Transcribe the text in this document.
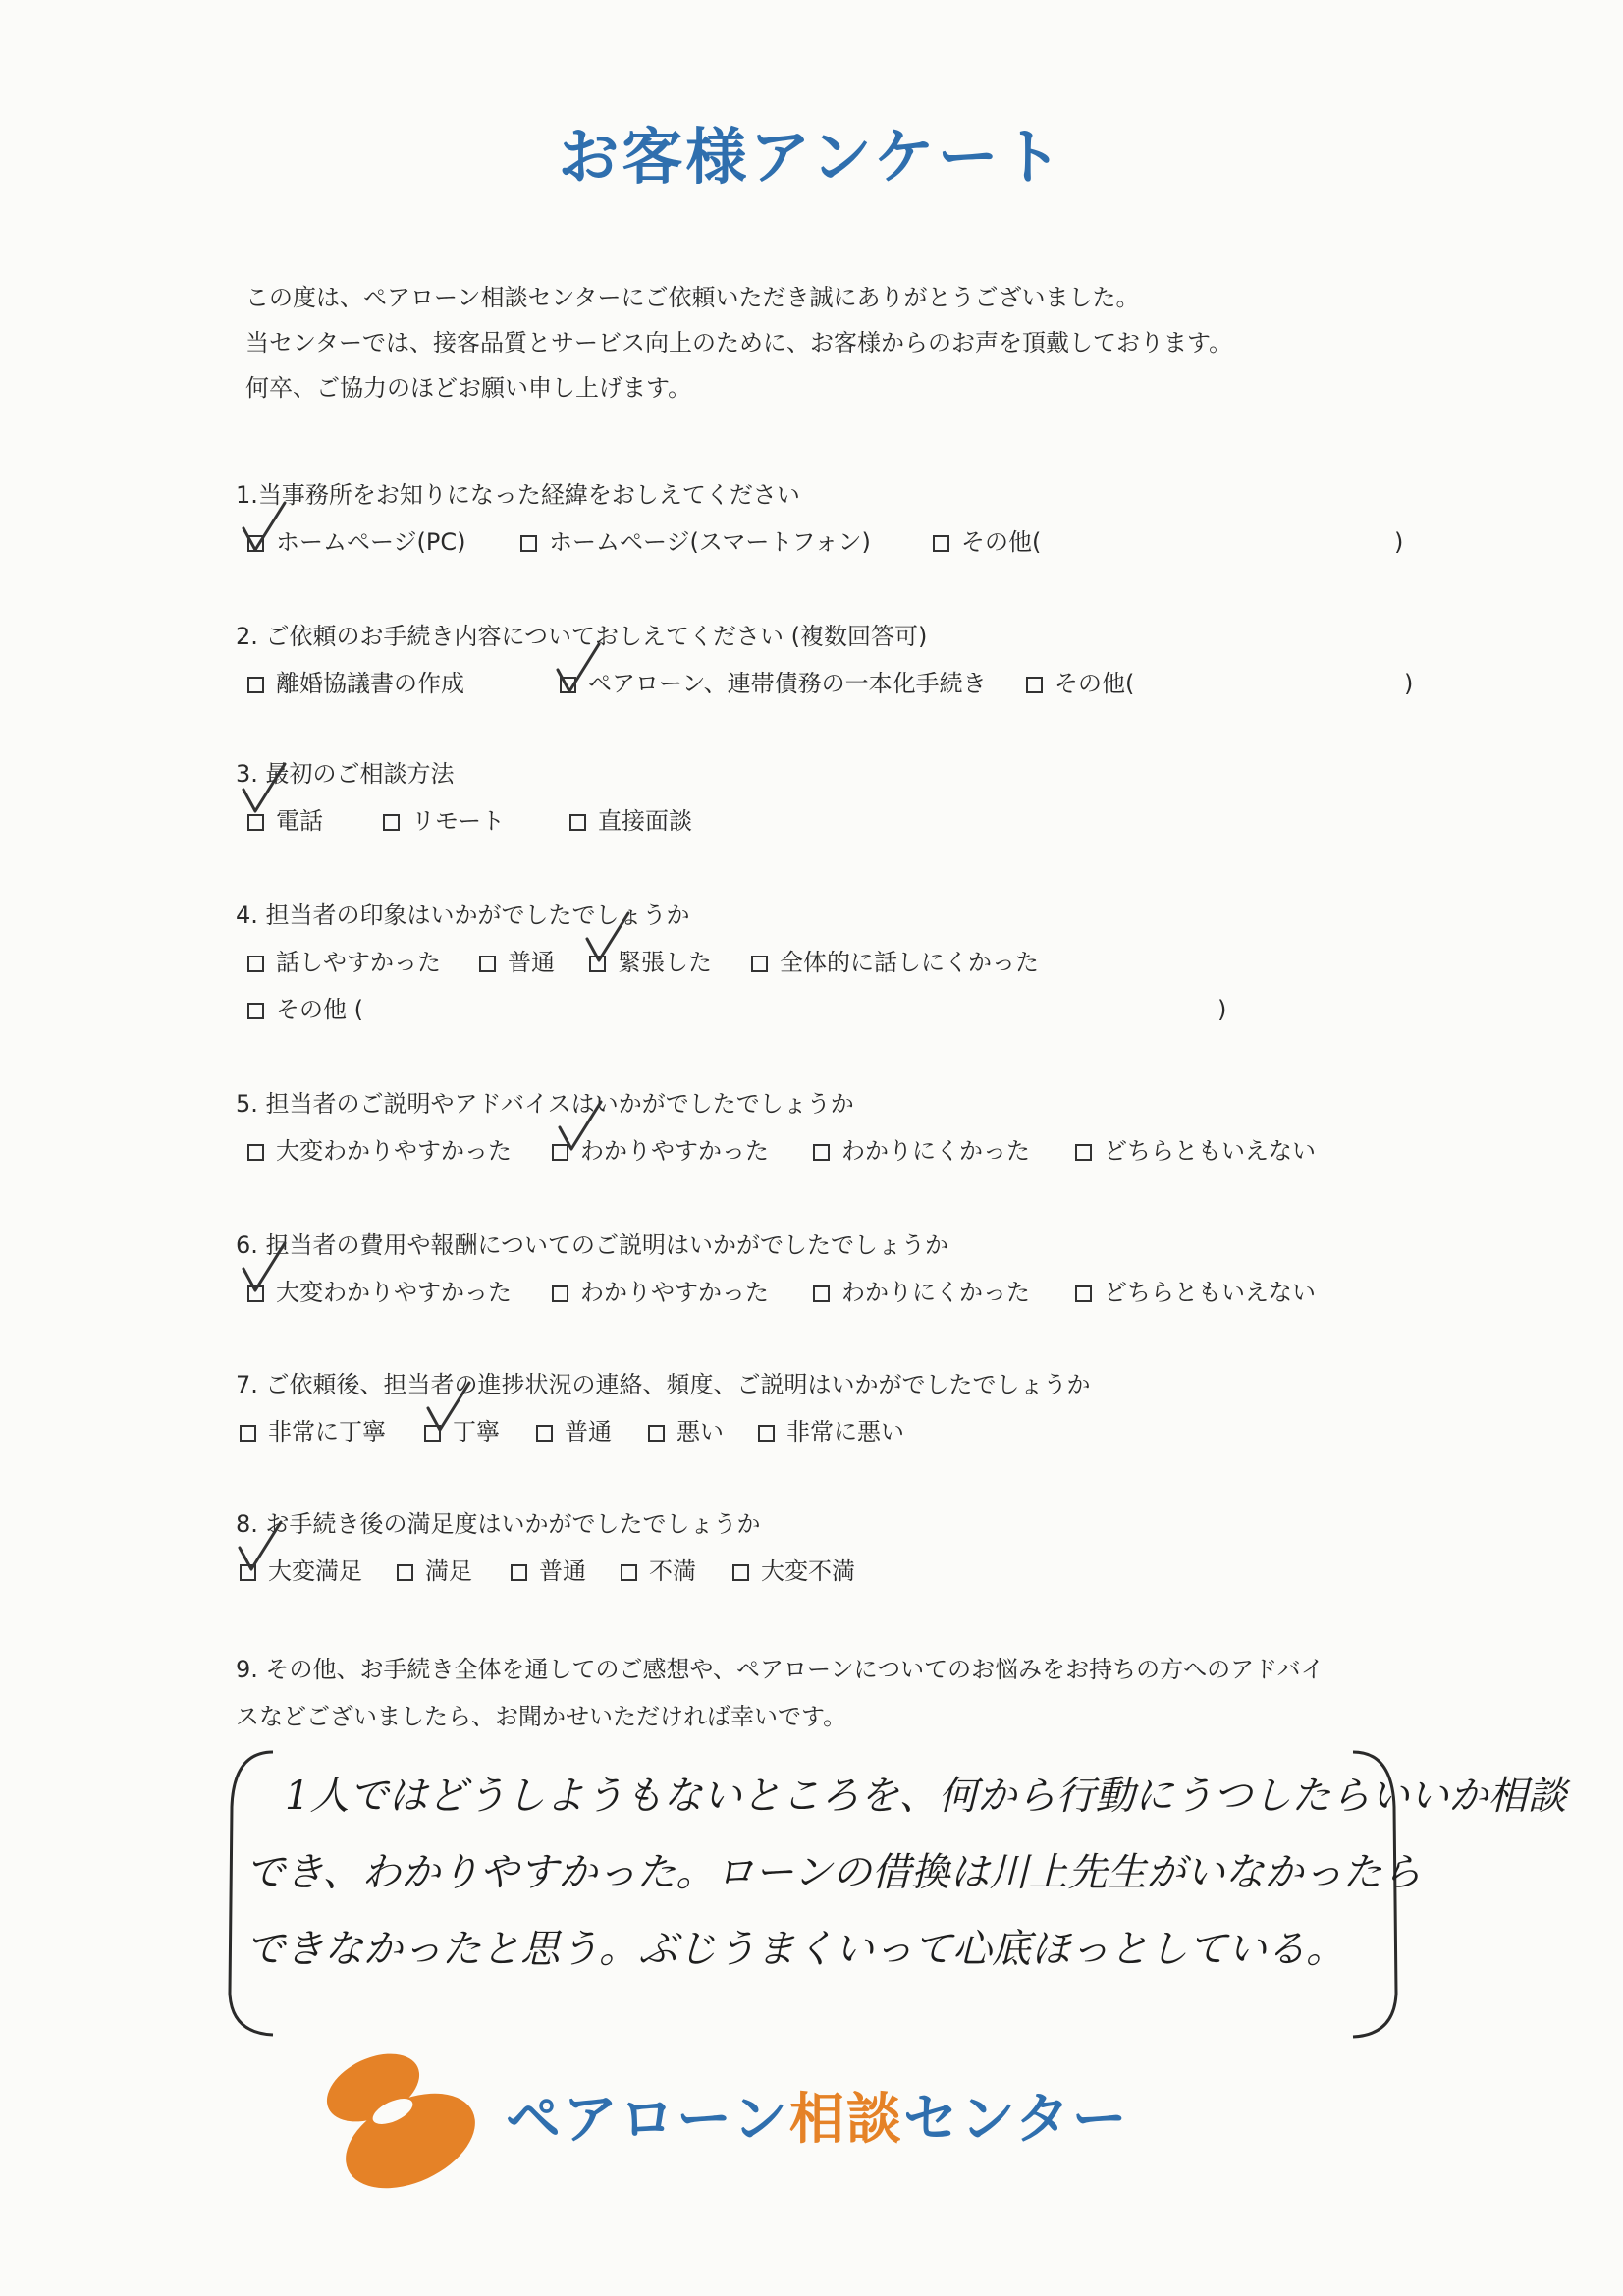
お客様アンケート
この度は、ペアローン相談センターにご依頼いただき誠にありがとうございました。
当センターでは、接客品質とサービス向上のために、お客様からのお声を頂戴しております。
何卒、ご協力のほどお願い申し上げます。
1.当事務所をお知りになった経緯をおしえてください
ホームページ(PC)	ホームページ(スマートフォン)	その他(	)
2. ご依頼のお手続き内容についておしえてください (複数回答可)
離婚協議書の作成	ペアローン、連帯債務の一本化手続き	その他(	)
3. 最初のご相談方法
電話	リモート	直接面談
4. 担当者の印象はいかがでしたでしょうか
話しやすかった	普通	緊張した	全体的に話しにくかった
その他 (	)
5. 担当者のご説明やアドバイスはいかがでしたでしょうか
大変わかりやすかった	わかりやすかった	わかりにくかった	どちらともいえない
6. 担当者の費用や報酬についてのご説明はいかがでしたでしょうか
大変わかりやすかった	わかりやすかった	わかりにくかった	どちらともいえない
7. ご依頼後、担当者の進捗状況の連絡、頻度、ご説明はいかがでしたでしょうか
非常に丁寧	丁寧	普通	悪い	非常に悪い
8. お手続き後の満足度はいかがでしたでしょうか
大変満足	満足	普通	不満	大変不満
9. その他、お手続き全体を通してのご感想や、ペアローンについてのお悩みをお持ちの方へのアドバイ
スなどございましたら、お聞かせいただければ幸いです。
1人ではどうしようもないところを、何から行動にうつしたらいいか相談
でき、わかりやすかった。ローンの借換は川上先生がいなかったら
できなかったと思う。ぶじうまくいって心底ほっとしている。
ペアローン相談センター
